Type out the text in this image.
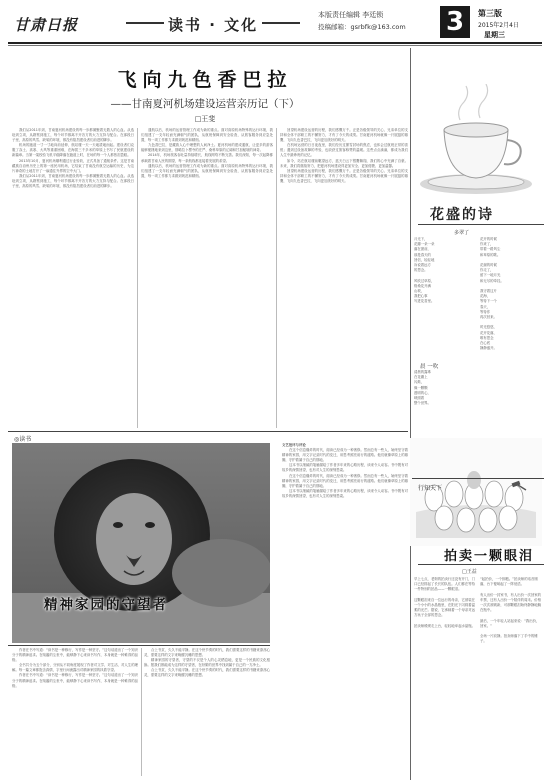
甘肃日报	读书 · 文化
本版责任编辑 李廷锁
投稿邮箱：gsrbfk@163.com 3	第三版
2015年2月4日
星期三
飞向九色香巴拉
——甘南夏河机场建设运营亲历记（下）
□王斐

我们从2011年到，甘南夏河机场建设的每一步都凝聚着无数人的心血。从选址到立项，从勘察到施工，每个环节都离不开各方的大力支持与配合。在那段日子里，高原的风雪、缺氧的环境，都没有阻挡建设者们前进的脚步。

机场的跑道一寸一寸地向前延伸，航站楼一天一天地拔地而起。建设者们克服了冻土、高寒、大风等重重困难，在海拔三千多米的草原上书写了民航建设的新篇章。当第一架校验飞机平稳降落在跑道上时，在场的每一个人都热泪盈眶。

2013年10月，夏河机场顺利通过行业验收，正式具备了通航条件。这是甘南藏族自治州历史上的第一座民用机场，它结束了甘南没有航空运输的历史，为这片神奇的土地打开了一扇通往外界的空中大门。

我们从2011年到，甘南夏河机场建设的每一步都凝聚着无数人的心血。从选址到立项，从勘察到施工，每个环节都离不开各方的大力支持与配合。在那段日子里，高原的风雪、缺氧的环境，都没有阻挡建设者们前进的脚步。

通航以后，机场的运营管理工作成为新的重点。面对高原机场特殊的运行环境，我们组建了一支年轻而充满朝气的团队，从航班保障到安全检查，从旅客服务到应急处置，每一项工作都力求做到规范和精细。

九色香巴拉，是藏族人心中理想的人间净土。夏河机场的建成通航，让更多的游客能够便捷地来到这里，领略拉卜楞寺的庄严、桑科草原的辽阔和甘加秘境的神奇。

2014年，机场旅客吞吐量持续增长，航线网络不断完善。我们深知，每一次起降都承载着甘南人民的期望，每一条航线都连接着发展的希望。

通航以后，机场的运营管理工作成为新的重点。面对高原机场特殊的运行环境，我们组建了一支年轻而充满朝气的团队，从航班保障到安全检查，从旅客服务到应急处置，每一项工作都力求做到规范和精细。

回望机场建设运营的历程，我们感慨万千。正是各级领导的关心、兄弟单位的支持和全体干部职工的不懈努力，才有了今天的成绩。甘南夏河机场就像一只展翅的雄鹰，飞向九色香巴拉，飞向更加美好的明天。

在机场运营的日日夜夜里，我们经历过暴雪封场的焦虑，也体会过航班正常的喜悦；遇到过设备故障的考验，也收获过旅客称赞的温暖。这些点点滴滴，都成为我们人生中最珍贵的记忆。

如今，站在航站楼前眺望远方，蓝天白云下银鹰翱翔，我们的心中充满了自豪。未来，我们将继续努力，把夏河机场建设得更加安全、更加便捷、更加温馨。

回望机场建设运营的历程，我们感慨万千。正是各级领导的关心、兄弟单位的支持和全体干部职工的不懈努力，才有了今天的成绩。甘南夏河机场就像一只展翅的雄鹰，飞向九色香巴拉，飞向更加美好的明天。

花盛的诗
多翠了
月光下，
花瓣一朵一朵
落在窗前，
那是春天的
回信，轻轻地
诉说着远方
的思念。

风吹过草原，
格桑花开满
山坡，
我把心事
写进花香里。
花开的时候
你来了，
带着一路风尘
和草原的歌。

花谢的时候
你走了，
留下一地月光
和无尽的牵挂。

我守着这片
花海，
等待下一个
春天，
等待你
再次回来。

时光悠悠，
花开花落，
唯有思念
在心底
静静盛开。
晨 一吹
清晨的露珠
在花瓣上
闪烁，
像一颗颗
透明的心，
映照着
整个世界。
◎读书
精神家园的守望者

文艺批评与评论

在这个信息爆炸的时代，阅读已经成为一种奢侈。然而总有一些人，始终坚守着精神的家园，用文字记录时代的变迁，用思考照亮前行的道路。他们就像草原上的雄狮，守护着属于自己的领地。

这本书以细腻的笔触描绘了作者多年来的心路历程，读来令人动容。书中既有对故乡的深情回望，也有对人生的深刻思索。

在这个信息爆炸的时代，阅读已经成为一种奢侈。然而总有一些人，始终坚守着精神的家园，用文字记录时代的变迁，用思考照亮前行的道路。他们就像草原上的雄狮，守护着属于自己的领地。

这本书以细腻的笔触描绘了作者多年来的心路历程，读来令人动容。书中既有对故乡的深情回望，也有对人生的深刻思索。

作者在书中写道：“读书是一种修行，写作是一种坚守。”这句话道出了一个知识分子的精神追求。在喧嚣的尘世中，能够静下心来读书写作，本身就是一种难得的品格。

全书共分为五个部分，分别从不同角度展现了作者对文学、对生活、对人生的理解。每一篇文章都饱含真情，字里行间流露出对精神家园的执着守望。

作者在书中写道：“读书是一种修行，写作是一种坚守。”这句话道出了一个知识分子的精神追求。在喧嚣的尘世中，能够静下心来读书写作，本身就是一种难得的品格。

合上书页，久久不能平静。在这个快节奏的时代，我们需要这样的书籍来涤荡心灵，需要这样的文字来唤醒沉睡的思想。

精神家园的守望者，守望的不仅是个人的心灵栖息地，更是一个民族的文化根脉。愿我们都能成为这样的守望者，在纷繁的世界中找到属于自己的一方净土。

合上书页，久久不能平静。在这个快节奏的时代，我们需要这样的书籍来涤荡心灵，需要这样的文字来唤醒沉睡的思想。

行知天下
拍卖一颗眼泪
□王益
早上七点，老街的拍卖行还没有开门，门口已经排起了长长的队伍。人们都在等待一件特别的拍品——一颗眼泪。

这颗眼泪来自一位远行的母亲，它被装在一个小小的水晶瓶里，在阳光下闪烁着温柔的光芒。据说，它承载着一个母亲对远方孩子全部的思念。

拍卖师缓缓走上台，轻轻地举起水晶瓶。
“起拍价，一个拥抱。”拍卖师的话音刚落，台下便响起了一阵低语。

有人出价一封家书，有人出价一次回家的车票，还有人出价一个陪伴的周末。价格一次次被刷新，可那颗眼泪始终静静地躺在瓶中。

最后，一个年轻人站起来说：“我出价，回家。”

全场一片寂静。拍卖师落下了手中的锤子。
